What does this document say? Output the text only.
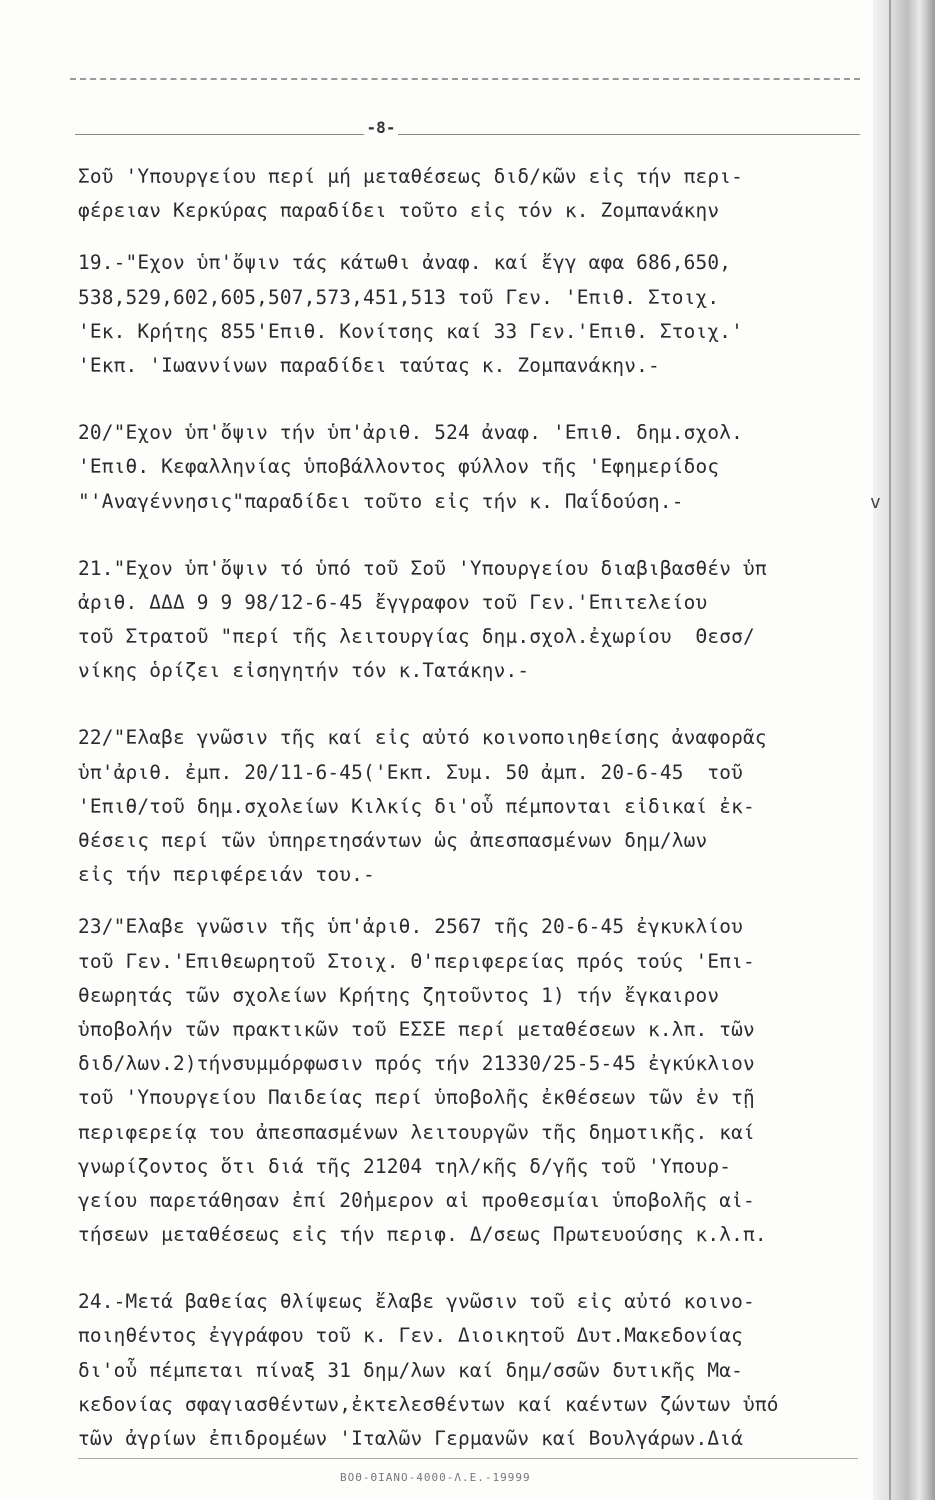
-8-
Σοῦ 'Υπουργείου περί μή μεταθέσεως διδ/κῶν εἰς τήν περι-
φέρειαν Κερκύρας παραδίδει τοῦτο εἰς τόν κ. Ζομπανάκην
19.-"Εχον ὑπ'ὄψιν τάς κάτωθι ἀναφ. καί ἔγγ αφα 686,650,
538,529,602,605,507,573,451,513 τοῦ Γεν. 'Επιθ. Στοιχ.
'Εκ. Κρήτης 855'Επιθ. Κονίτσης καί 33 Γεν.'Επιθ. Στοιχ.'
'Εκπ. 'Ιωαννίνων παραδίδει ταύτας κ. Ζομπανάκην.-
20/"Εχον ὑπ'ὄψιν τήν ὑπ'ἀριθ. 524 ἀναφ. 'Επιθ. δημ.σχολ.
'Επιθ. Κεφαλληνίας ὑποβάλλοντος φύλλον τῆς 'Εφημερίδος
"'Αναγέννησις"παραδίδει τοῦτο εἰς τήν κ. Παΐδούση.-
21."Εχον ὑπ'ὄψιν τό ὑπό τοῦ Σοῦ 'Υπουργείου διαβιβασθέν ὑπ
ἀριθ. ΔΔΔ 9 9 98/12-6-45 ἔγγραφον τοῦ Γεν.'Επιτελείου
τοῦ Στρατοῦ "περί τῆς λειτουργίας δημ.σχολ.ἐχωρίου  Θεσσ/
νίκης ὁρίζει εἰσηγητήν τόν κ.Τατάκην.-
22/"Ελαβε γνῶσιν τῆς καί εἰς αὐτό κοινοποιηθείσης ἀναφορᾶς
ὑπ'ἀριθ. ἐμπ. 20/11-6-45('Εκπ. Συμ. 50 ἀμπ. 20-6-45  τοῦ
'Επιθ/τοῦ δημ.σχολείων Κιλκίς δι'οὗ πέμπονται εἰδικαί ἐκ-
θέσεις περί τῶν ὑπηρετησάντων ὡς ἀπεσπασμένων δημ/λων
εἰς τήν περιφέρειάν του.-
23/"Ελαβε γνῶσιν τῆς ὑπ'ἀριθ. 2567 τῆς 20-6-45 ἐγκυκλίου
τοῦ Γεν.'Επιθεωρητοῦ Στοιχ. Θ'περιφερείας πρός τούς 'Επι-
θεωρητάς τῶν σχολείων Κρήτης ζητοῦντος 1) τήν ἔγκαιρον
ὑποβολήν τῶν πρακτικῶν τοῦ ΕΣΣΕ περί μεταθέσεων κ.λπ. τῶν
διδ/λων.2)τήνσυμμόρφωσιν πρός τήν 21330/25-5-45 ἐγκύκλιον
τοῦ 'Υπουργείου Παιδείας περί ὑποβολῆς ἐκθέσεων τῶν ἐν τῇ
περιφερείᾳ του ἀπεσπασμένων λειτουργῶν τῆς δημοτικῆς. καί
γνωρίζοντος ὅτι διά τῆς 21204 τηλ/κῆς δ/γῆς τοῦ 'Υπουρ-
γείου παρετάθησαν ἐπί 20ἡμερον αἱ προθεσμίαι ὑποβολῆς αἰ-
τήσεων μεταθέσεως εἰς τήν περιφ. Δ/σεως Πρωτευούσης κ.λ.π.
24.-Μετά βαθείας θλίψεως ἔλαβε γνῶσιν τοῦ εἰς αὐτό κοινο-
ποιηθέντος ἐγγράφου τοῦ κ. Γεν. Διοικητοῦ Δυτ.Μακεδονίας
δι'οὗ πέμπεται πίναξ 31 δημ/λων καί δημ/σσῶν δυτικῆς Μα-
κεδονίας σφαγιασθέντων,ἐκτελεσθέντων καί καέντων ζώντων ὑπό
τῶν ἀγρίων ἐπιδρομέων 'Ιταλῶν Γερμανῶν καί Βουλγάρων.Διά
v
ΒΟΘ-ΘΙΑΝΟ-4000-Λ.Ε.-19999
